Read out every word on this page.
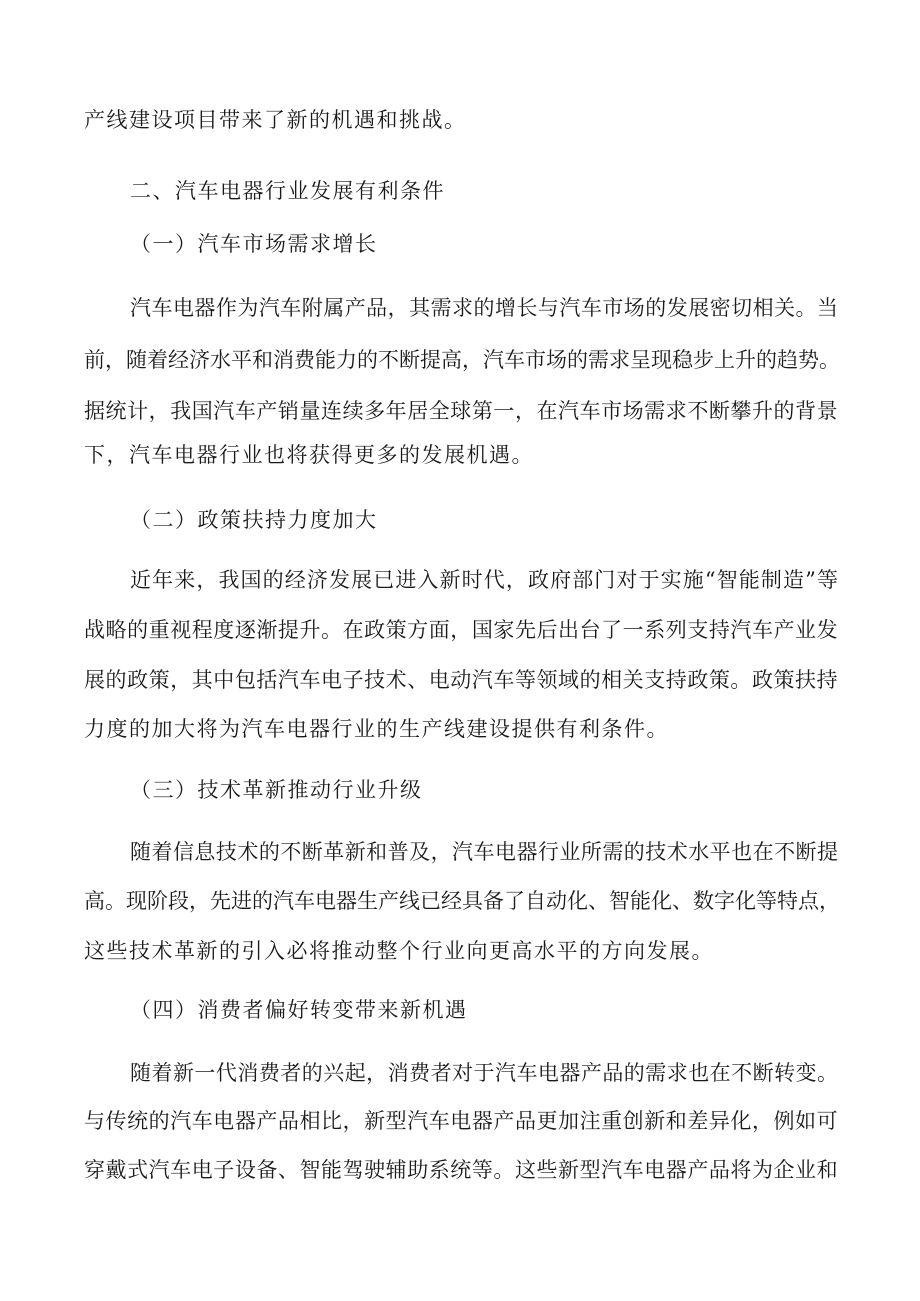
产线建设项目带来了新的机遇和挑战。

二、汽车电器行业发展有利条件

（一）汽车市场需求增长

汽 车 电 器 作 为 汽 车 附 属 产 品 ， 其 需 求 的 增 长 与 汽 车 市 场 的 发 展 密 切 相 关 。 当

前 ， 随 着 经 济 水 平 和 消 费 能 力 的 不 断 提 高 ， 汽 车 市 场 的 需 求 呈 现 稳 步 上 升 的 趋 势 。

据 统 计 ， 我 国 汽 车 产 销 量 连 续 多 年 居 全 球 第 一 ， 在 汽 车 市 场 需 求 不 断 攀 升 的 背 景

下，汽车电器行业也将获得更多的发展机遇。

（二）政策扶持力度加大

近 年 来 ， 我 国 的 经 济 发 展 已 进 入 新 时 代 ， 政 府 部 门 对 于 实 施 “ 智 能 制 造 ” 等

战 略 的 重 视 程 度 逐 渐 提 升 。 在 政 策 方 面 ， 国 家 先 后 出 台 了 一 系 列 支 持 汽 车 产 业 发

展 的 政 策 ， 其 中 包 括 汽 车 电 子 技 术 、 电 动 汽 车 等 领 域 的 相 关 支 持 政 策 。 政 策 扶 持

力度的加大将为汽车电器行业的生产线建设提供有利条件。

（三）技术革新推动行业升级

随 着 信 息 技 术 的 不 断 革 新 和 普 及 ， 汽 车 电 器 行 业 所 需 的 技 术 水 平 也 在 不 断 提

高 。 现 阶 段 ， 先 进 的 汽 车 电 器 生 产 线 已 经 具 备 了 自 动 化 、 智 能 化 、 数 字 化 等 特 点 ，

这些技术革新的引入必将推动整个行业向更高水平的方向发展。

（四）消费者偏好转变带来新机遇

随 着 新 一 代 消 费 者 的 兴 起 ， 消 费 者 对 于 汽 车 电 器 产 品 的 需 求 也 在 不 断 转 变 。

与 传 统 的 汽 车 电 器 产 品 相 比 ， 新 型 汽 车 电 器 产 品 更 加 注 重 创 新 和 差 异 化 ， 例 如 可

穿 戴 式 汽 车 电 子 设 备 、 智 能 驾 驶 辅 助 系 统 等 。 这 些 新 型 汽 车 电 器 产 品 将 为 企 业 和
